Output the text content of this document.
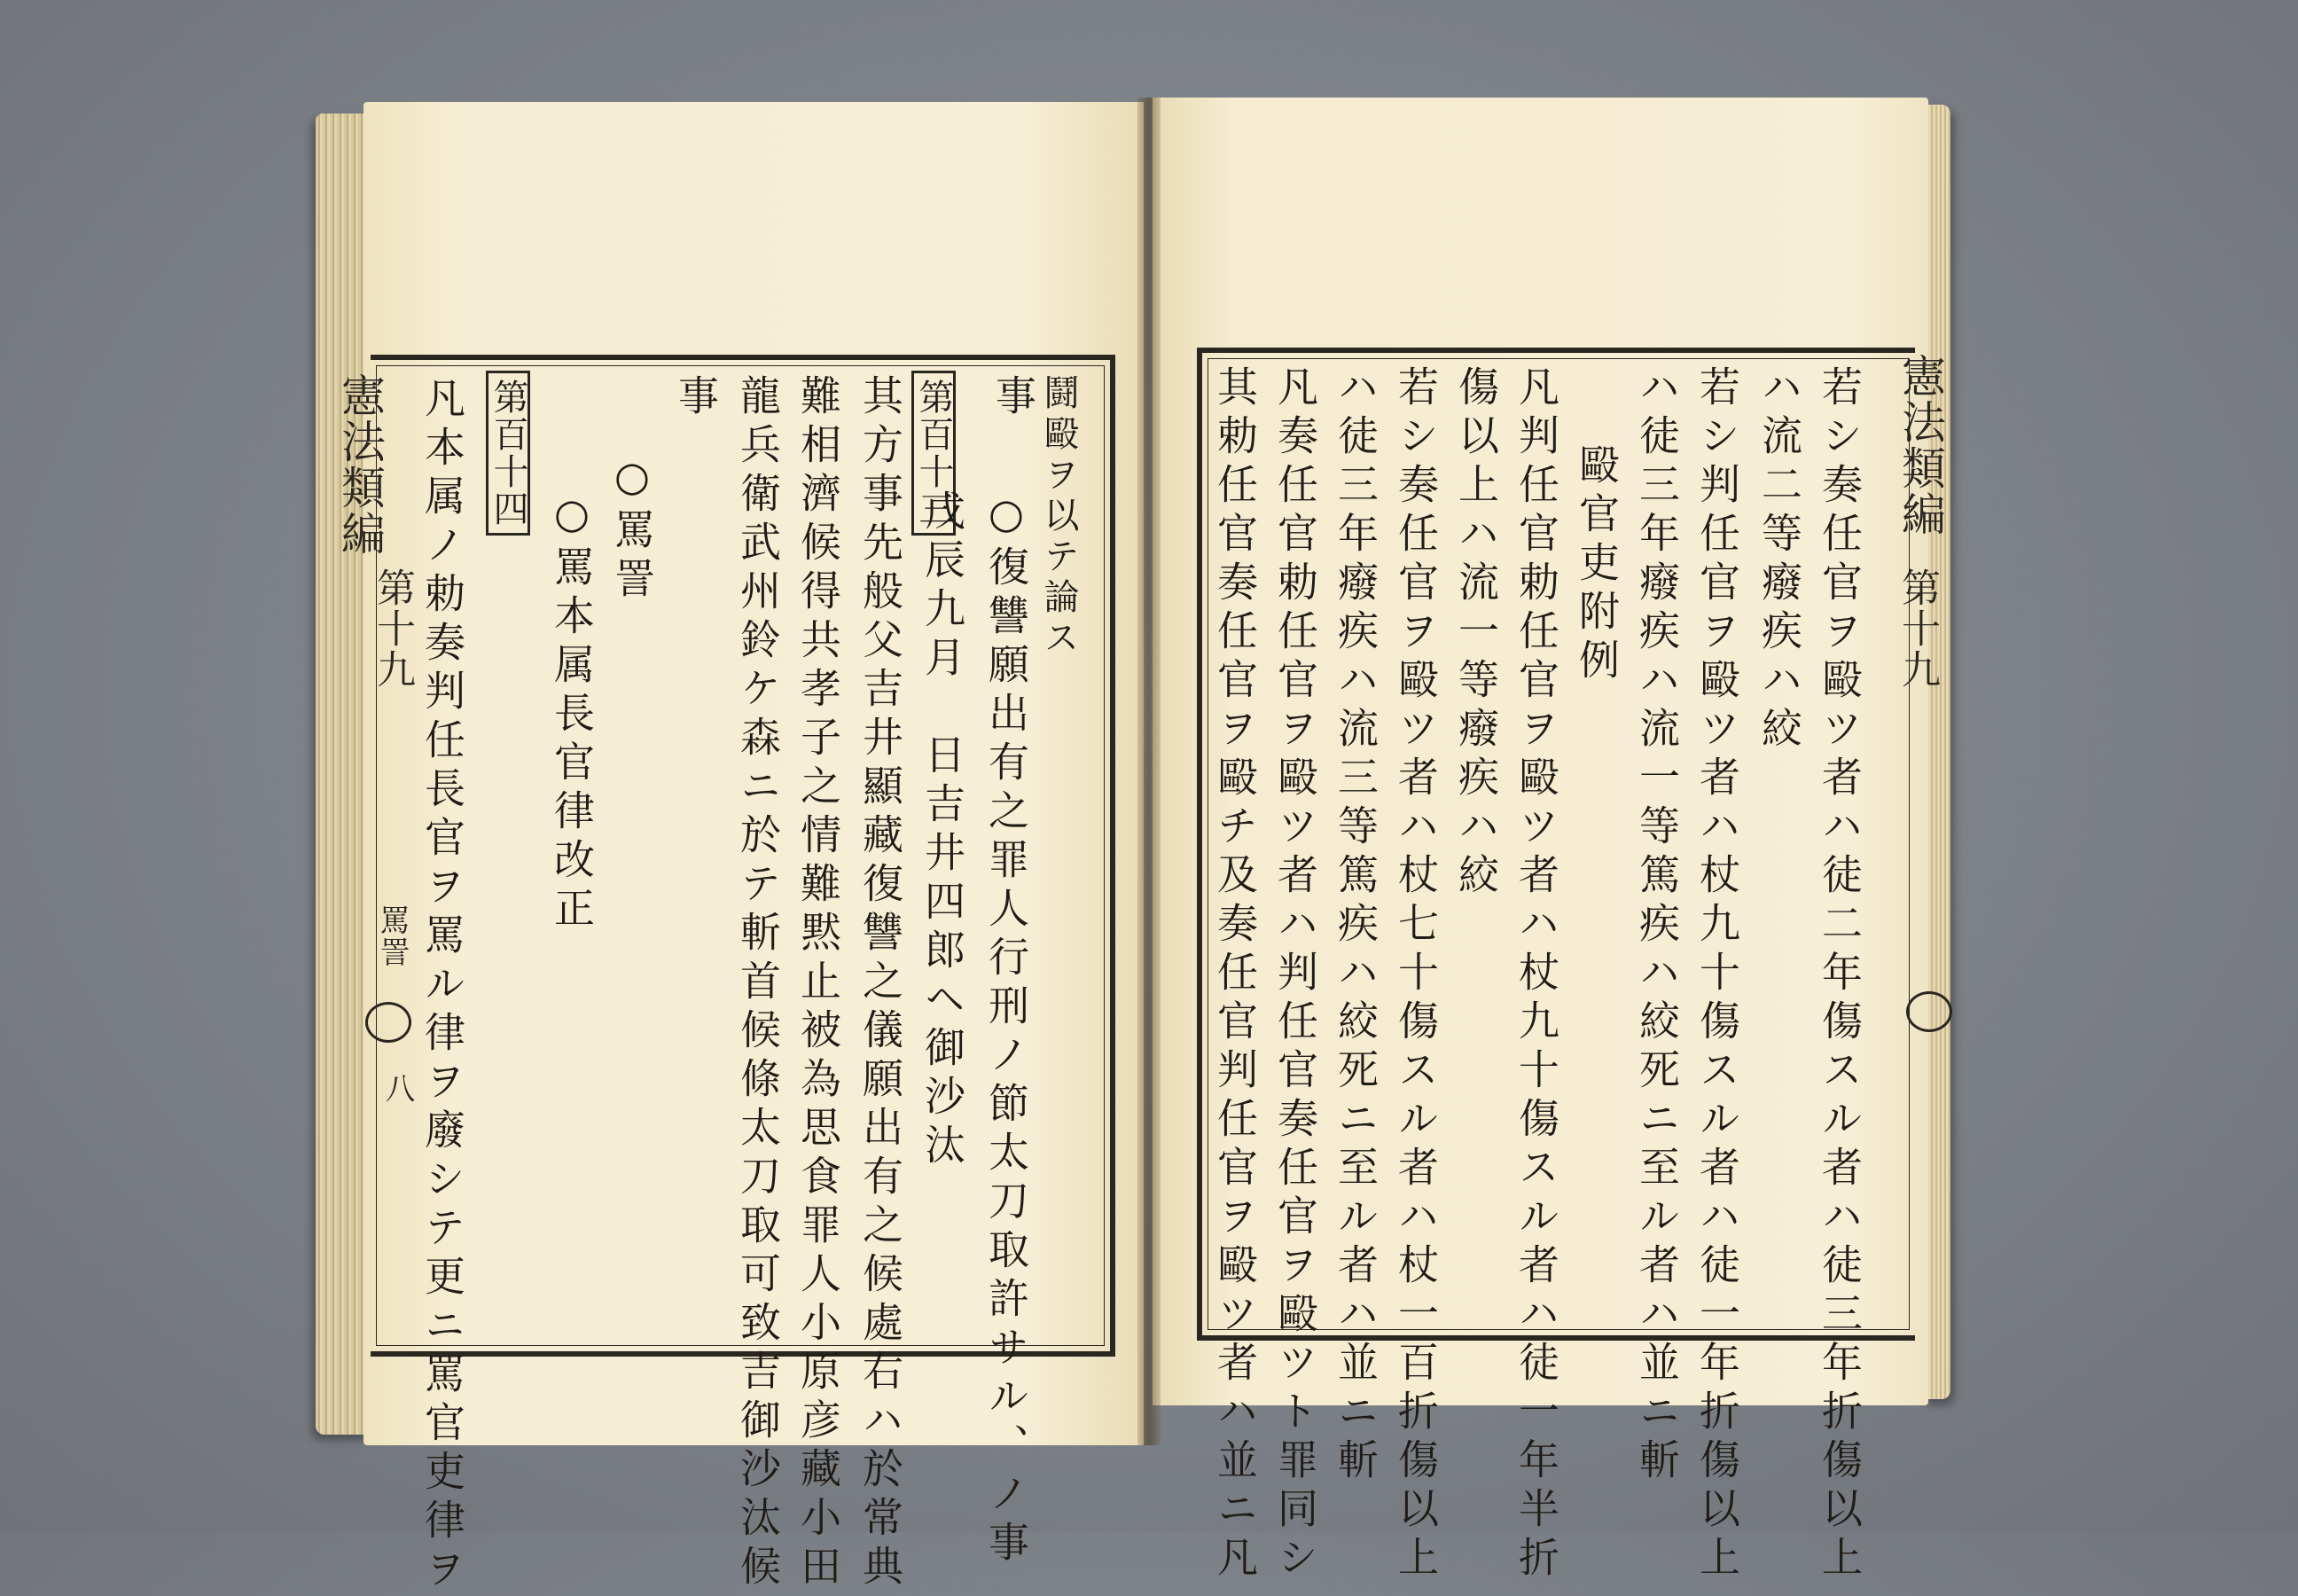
憲法類編
第十九
罵詈
八
事 鬪毆ヲ以テ論ス
第百十三
○復讐願出有之罪人行刑ノ節太刀取許サル、ノ事
戊辰九月　日吉井四郎ヘ御沙汰
其方事先般父吉井顯藏復讐之儀願出有之候處右ハ於常典
難相濟候得共孝子之情難黙止被為思食罪人小原彦藏小田
龍兵衛武州鈴ケ森ニ於テ斬首候條太刀取可致吉御沙汰候
事
○罵詈
○罵本属長官律改正
第百十四
凡本属ノ勅奏判任長官ヲ罵ル律ヲ廢シテ更ニ罵官吏律ヲ	憲法類編
第十九
若シ奏任官ヲ毆ツ者ハ徒二年傷スル者ハ徒三年折傷以上
ハ流二等癈疾ハ絞
若シ判任官ヲ毆ツ者ハ杖九十傷スル者ハ徒一年折傷以上
ハ徒三年癈疾ハ流一等篤疾ハ絞死ニ至ル者ハ並ニ斬
毆官吏附例
凡判任官勅任官ヲ毆ツ者ハ杖九十傷スル者ハ徒一年半折
傷以上ハ流一等癈疾ハ絞
若シ奏任官ヲ毆ツ者ハ杖七十傷スル者ハ杖一百折傷以上
ハ徒三年癈疾ハ流三等篤疾ハ絞死ニ至ル者ハ並ニ斬
凡奏任官勅任官ヲ毆ツ者ハ判任官奏任官ヲ毆ツト罪同シ
其勅任官奏任官ヲ毆チ及奏任官判任官ヲ毆ツ者ハ並ニ凡
